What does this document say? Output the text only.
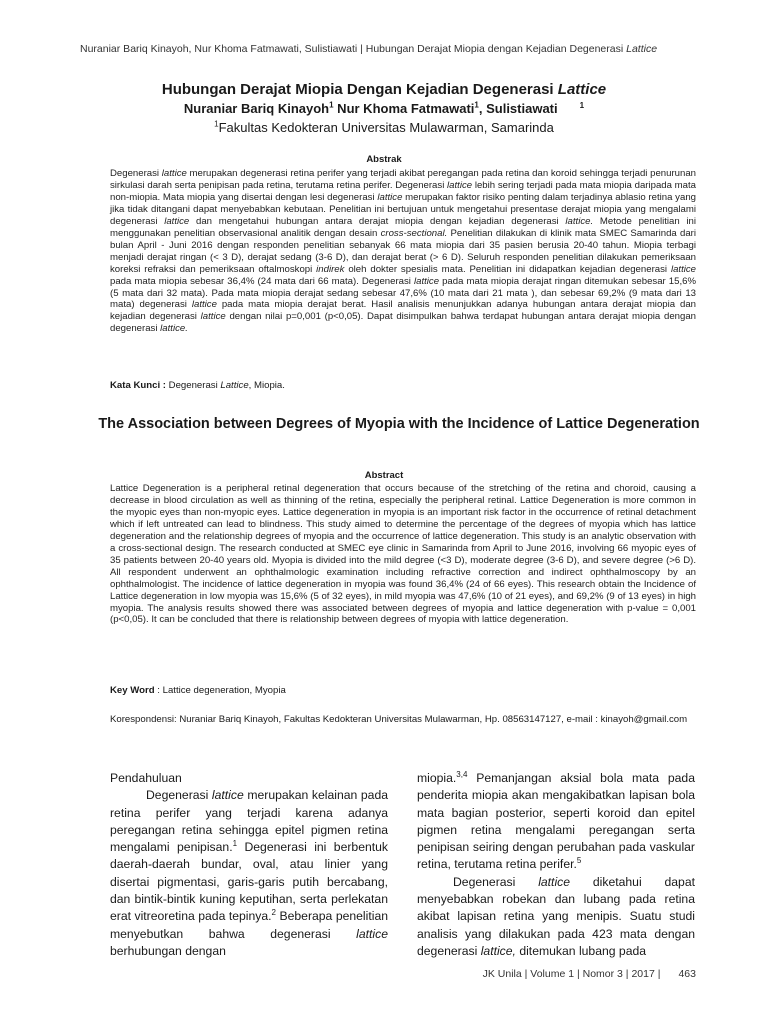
Nuraniar Bariq Kinayoh, Nur Khoma Fatmawati, Sulistiawati | Hubungan Derajat Miopia dengan Kejadian Degenerasi Lattice
Hubungan Derajat Miopia Dengan Kejadian Degenerasi Lattice
Nuraniar Bariq Kinayoh$^1$ Nur Khoma Fatmawati$^1$, Sulistiawati	$^1$
$^1$Fakultas Kedokteran Universitas Mulawarman, Samarinda
Abstrak
Degenerasi lattice merupakan degenerasi retina perifer yang terjadi akibat peregangan pada retina dan koroid sehingga terjadi penurunan sirkulasi darah serta penipisan pada retina, terutama retina perifer. Degenerasi lattice lebih sering terjadi pada mata miopia daripada mata non-miopia. Mata miopia yang disertai dengan lesi degenerasi lattice merupakan faktor risiko penting dalam terjadinya ablasio retina yang jika tidak ditangani dapat menyebabkan kebutaan. Penelitian ini bertujuan untuk mengetahui presentase derajat miopia yang mengalami degenerasi lattice dan mengetahui hubungan antara derajat miopia dengan kejadian degenerasi lattice. Metode penelitian ini menggunakan penelitian observasional analitik dengan desain cross-sectional. Penelitian dilakukan di klinik mata SMEC Samarinda dari bulan April - Juni 2016 dengan responden penelitian sebanyak 66 mata miopia dari 35 pasien berusia 20-40 tahun. Miopia terbagi menjadi derajat ringan (< 3 D), derajat sedang (3-6 D), dan derajat berat (> 6 D). Seluruh responden penelitian dilakukan pemeriksaan koreksi refraksi dan pemeriksaan oftalmoskopi indirek oleh dokter spesialis mata. Penelitian ini didapatkan kejadian degenerasi lattice pada mata miopia sebesar 36,4% (24 mata dari 66 mata). Degenerasi lattice pada mata miopia derajat ringan ditemukan sebesar 15,6% (5 mata dari 32 mata). Pada mata miopia derajat sedang sebesar 47,6% (10 mata dari 21 mata ), dan sebesar 69,2% (9 mata dari 13 mata) degenerasi lattice pada mata miopia derajat berat. Hasil analisis menunjukkan adanya hubungan antara derajat miopia dan kejadian degenerasi lattice dengan nilai p=0,001 (p<0,05). Dapat disimpulkan bahwa terdapat hubungan antara derajat miopia dengan degenerasi lattice.
Kata Kunci : Degenerasi Lattice, Miopia.
The Association between Degrees of Myopia with the Incidence of Lattice Degeneration
Abstract
Lattice Degeneration is a peripheral retinal degeneration that occurs because of the stretching of the retina and choroid, causing a decrease in blood circulation as well as thinning of the retina, especially the peripheral retinal. Lattice Degeneration is more common in the myopic eyes than non-myopic eyes. Lattice degeneration in myopia is an important risk factor in the occurrence of retinal detachment which if left untreated can lead to blindness. This study aimed to determine the percentage of the degrees of myopia which has lattice degeneration and the relationship degrees of myopia and the occurrence of lattice degeneration. This study is an analytic observation with a cross-sectional design. The research conducted at SMEC eye clinic in Samarinda from April to June 2016, involving 66 myopic eyes of 35 patients between 20-40 years old. Myopia is divided into the mild degree (<3 D), moderate degree (3-6 D), and severe degree (>6 D). All respondent underwent an ophthalmologic examination including refractive correction and indirect ophthalmoscopy by an ophthalmologist. The incidence of lattice degeneration in myopia was found 36,4% (24 of 66 eyes). This research obtain the Incidence of Lattice degeneration in low myopia was 15,6% (5 of 32 eyes), in mild myopia was 47,6% (10 of 21 eyes), and 69,2% (9 of 13 eyes) in high myopia. The analysis results showed there was associated between degrees of myopia and lattice degeneration with p-value = 0,001 (p<0,05). It can be concluded that there is relationship between degrees of myopia with lattice degeneration.
Key Word : Lattice degeneration, Myopia
Korespondensi: Nuraniar Bariq Kinayoh, Fakultas Kedokteran Universitas Mulawarman, Hp. 08563147127, e-mail : kinayoh@gmail.com
Pendahuluan
Degenerasi lattice merupakan kelainan pada retina perifer yang terjadi karena adanya peregangan retina sehingga epitel pigmen retina mengalami penipisan.$^1$ Degenerasi ini berbentuk daerah-daerah bundar, oval, atau linier yang disertai pigmentasi, garis-garis putih bercabang, dan bintik-bintik kuning keputihan, serta perlekatan erat vitreoretina pada tepinya.$^2$ Beberapa penelitian menyebutkan bahwa degenerasi lattice berhubungan dengan
miopia.$^{3,4}$ Pemanjangan aksial bola mata pada penderita miopia akan mengakibatkan lapisan bola mata bagian posterior, seperti koroid dan epitel pigmen retina mengalami peregangan serta penipisan seiring dengan perubahan pada vaskular retina, terutama retina perifer.$^5$
Degenerasi lattice diketahui dapat menyebabkan robekan dan lubang pada retina akibat lapisan retina yang menipis. Suatu studi analisis yang dilakukan pada 423 mata dengan degenerasi lattice, ditemukan lubang pada
JK Unila | Volume 1 | Nomor 3 | 2017 | 463
